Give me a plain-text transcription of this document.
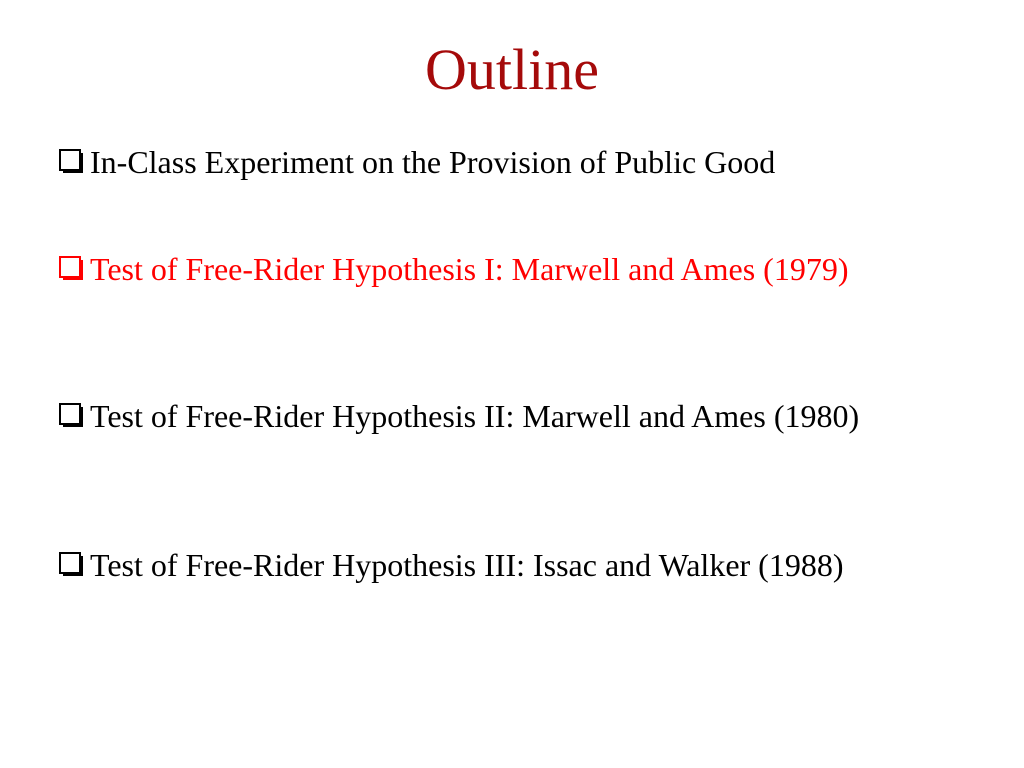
Outline
In-Class Experiment on the Provision of Public Good
Test of Free-Rider Hypothesis I: Marwell and Ames (1979)
Test of Free-Rider Hypothesis II: Marwell and Ames (1980)
Test of Free-Rider Hypothesis III: Issac and Walker (1988)
